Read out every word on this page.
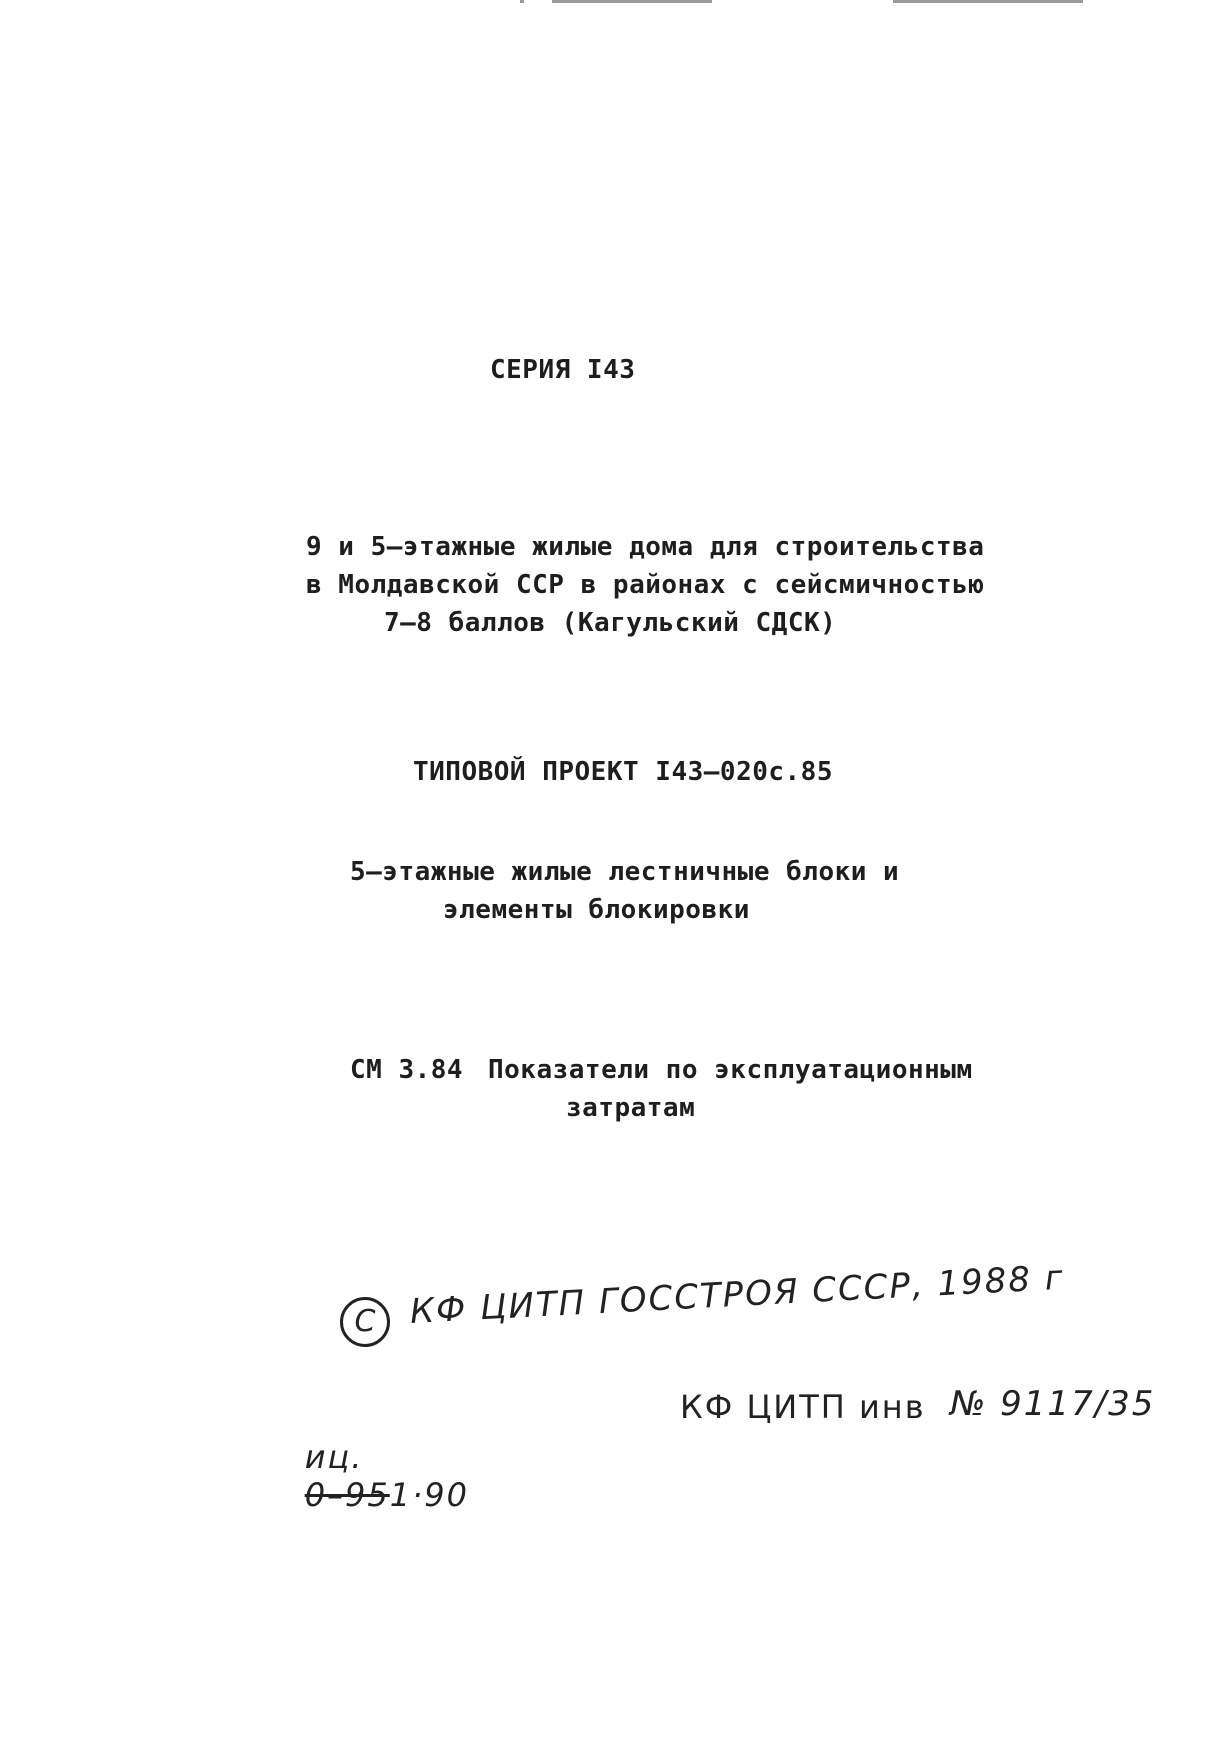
СЕРИЯ I43
9 и 5–этажные жилые дома для строительства
в Молдавской ССР в районах с сейсмичностью
7–8 баллов (Кагульский СДСК)
ТИПОВОЙ ПРОЕКТ I43–020с.85
5–этажные жилые лестничные блоки и
элементы блокировки
СМ 3.84 Показатели по эксплуатационным
затратам
C КФ ЦИТП ГОССТРОЯ СССР, 1988 г

иц.
0–951·90

КФ ЦИТП инв № 9117/35
